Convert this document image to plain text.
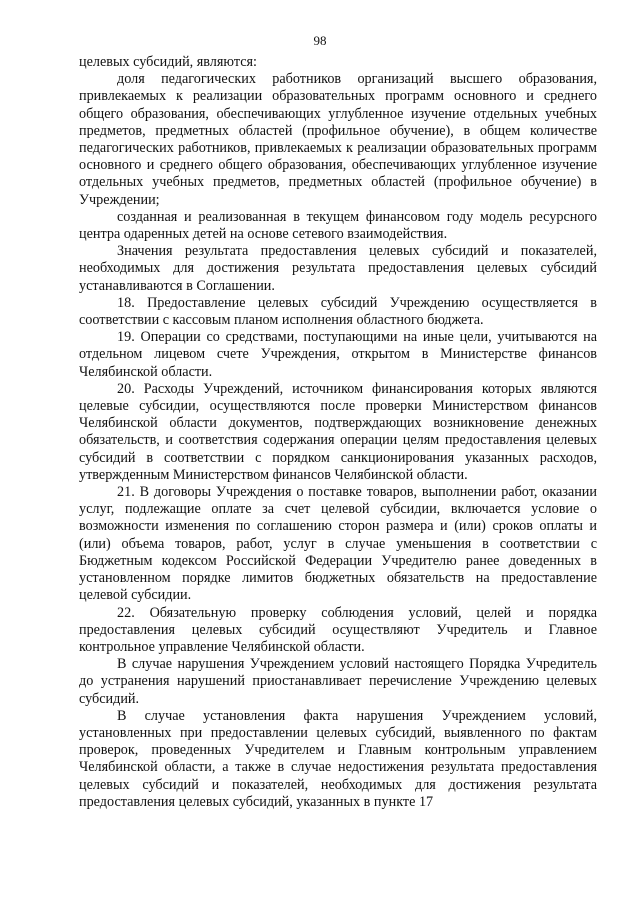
98

целевых субсидий, являются:

доля педагогических работников организаций высшего образования, привлекаемых к реализации образовательных программ основного и среднего общего образования, обеспечивающих углубленное изучение отдельных учебных предметов, предметных областей (профильное обучение), в общем количестве педагогических работников, привлекаемых к реализации образовательных программ основного и среднего общего образования, обеспечивающих углубленное изучение отдельных учебных предметов, предметных областей (профильное обучение) в Учреждении;

созданная и реализованная в текущем финансовом году модель ресурсного центра одаренных детей на основе сетевого взаимодействия.

Значения результата предоставления целевых субсидий и показателей, необходимых для достижения результата предоставления целевых субсидий устанавливаются в Соглашении.

18. Предоставление целевых субсидий Учреждению осуществляется в соответствии с кассовым планом исполнения областного бюджета.

19. Операции со средствами, поступающими на иные цели, учитываются на отдельном лицевом счете Учреждения, открытом в Министерстве финансов Челябинской области.

20. Расходы Учреждений, источником финансирования которых являются целевые субсидии, осуществляются после проверки Министерством финансов Челябинской области документов, подтверждающих возникновение денежных обязательств, и соответствия содержания операции целям предоставления целевых субсидий в соответствии с порядком санкционирования указанных расходов, утвержденным Министерством финансов Челябинской области.

21. В договоры Учреждения о поставке товаров, выполнении работ, оказании услуг, подлежащие оплате за счет целевой субсидии, включается условие о возможности изменения по соглашению сторон размера и (или) сроков оплаты и (или) объема товаров, работ, услуг в случае уменьшения в соответствии с Бюджетным кодексом Российской Федерации Учредителю ранее доведенных в установленном порядке лимитов бюджетных обязательств на предоставление целевой субсидии.

22. Обязательную проверку соблюдения условий, целей и порядка предоставления целевых субсидий осуществляют Учредитель и Главное контрольное управление Челябинской области.

В случае нарушения Учреждением условий настоящего Порядка Учредитель до устранения нарушений приостанавливает перечисление Учреждению целевых субсидий.

В случае установления факта нарушения Учреждением условий, установленных при предоставлении целевых субсидий, выявленного по фактам проверок, проведенных Учредителем и Главным контрольным управлением Челябинской области, а также в случае недостижения результата предоставления целевых субсидий и показателей, необходимых для достижения результата предоставления целевых субсидий, указанных в пункте 17
